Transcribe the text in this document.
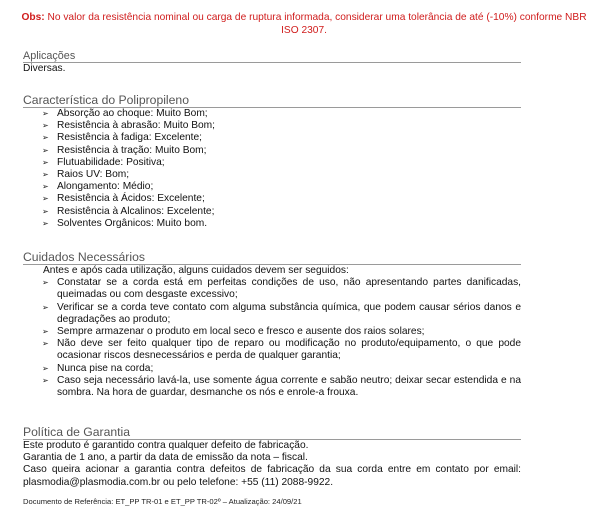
Obs: No valor da resistência nominal ou carga de ruptura informada, considerar uma tolerância de até (-10%) conforme NBR ISO 2307.
Aplicações
Diversas.
Característica do Polipropileno
➢ Absorção ao choque: Muito Bom;
➢ Resistência à abrasão: Muito Bom;
➢ Resistência à fadiga: Excelente;
➢ Resistência à tração: Muito Bom;
➢ Flutuabilidade: Positiva;
➢ Raios UV: Bom;
➢ Alongamento: Médio;
➢ Resistência à Ácidos: Excelente;
➢ Resistência à Alcalinos: Excelente;
➢ Solventes Orgânicos: Muito bom.
Cuidados Necessários
Antes e após cada utilização, alguns cuidados devem ser seguidos:
➢ Constatar se a corda está em perfeitas condições de uso, não apresentando partes danificadas, queimadas ou com desgaste excessivo;
➢ Verificar se a corda teve contato com alguma substância química, que podem causar sérios danos e degradações ao produto;
➢ Sempre armazenar o produto em local seco e fresco e ausente dos raios solares;
➢ Não deve ser feito qualquer tipo de reparo ou modificação no produto/equipamento, o que pode ocasionar riscos desnecessários e perda de qualquer garantia;
➢ Nunca pise na corda;
➢ Caso seja necessário lavá-la, use somente água corrente e sabão neutro; deixar secar estendida e na sombra. Na hora de guardar, desmanche os nós e enrole-a frouxa.
Política de Garantia
Este produto é garantido contra qualquer defeito de fabricação.
Garantia de 1 ano, a partir da data de emissão da nota – fiscal.
Caso queira acionar a garantia contra defeitos de fabricação da sua corda entre em contato por email: plasmodia@plasmodia.com.br ou pelo telefone: +55 (11) 2088-9922.
Documento de Referência: ET_PP TR-01 e ET_PP TR-02º – Atualização: 24/09/21
